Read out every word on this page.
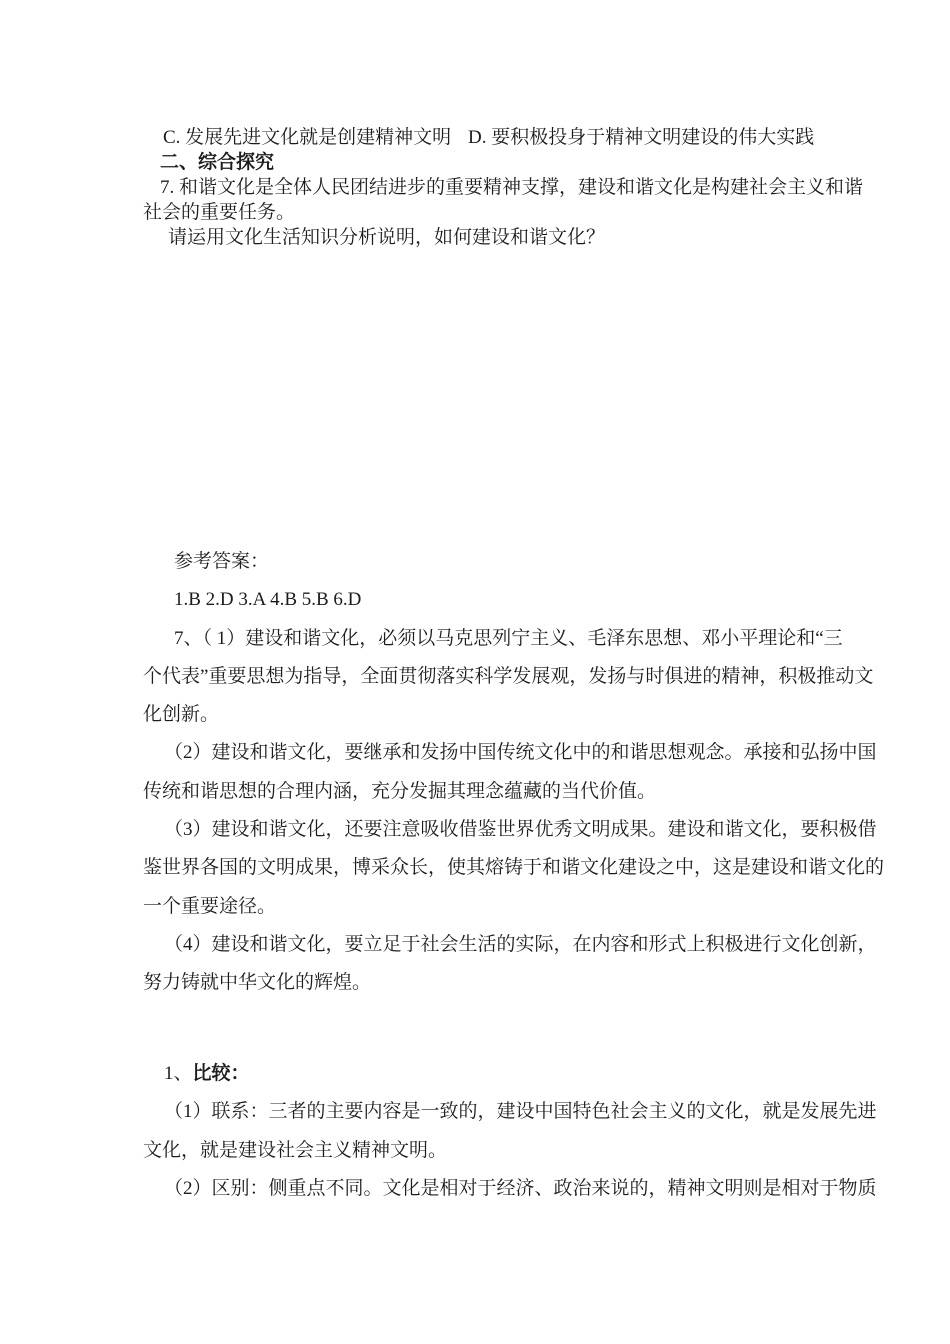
C. 发展先进文化就是创建精神文明 D. 要积极投身于精神文明建设的伟大实践
二、综合探究
7. 和谐文化是全体人民团结进步的重要精神支撑，建设和谐文化是构建社会主义和谐
社会的重要任务。
请运用文化生活知识分析说明，如何建设和谐文化？
参考答案：
1.B 2.D 3.A 4.B 5.B 6.D
7、（ 1）建设和谐文化，必须以马克思列宁主义、毛泽东思想、邓小平理论和“三
个代表”重要思想为指导，全面贯彻落实科学发展观，发扬与时俱进的精神，积极推动文
化创新。
（2）建设和谐文化，要继承和发扬中国传统文化中的和谐思想观念。承接和弘扬中国
传统和谐思想的合理内涵，充分发掘其理念蕴藏的当代价值。
（3）建设和谐文化，还要注意吸收借鉴世界优秀文明成果。建设和谐文化，要积极借
鉴世界各国的文明成果，博采众长，使其熔铸于和谐文化建设之中，这是建设和谐文化的
一个重要途径。
（4）建设和谐文化，要立足于社会生活的实际，在内容和形式上积极进行文化创新，
努力铸就中华文化的辉煌。
1、比较：
（1）联系：三者的主要内容是一致的，建设中国特色社会主义的文化，就是发展先进
文化，就是建设社会主义精神文明。
（2）区别：侧重点不同。文化是相对于经济、政治来说的，精神文明则是相对于物质
